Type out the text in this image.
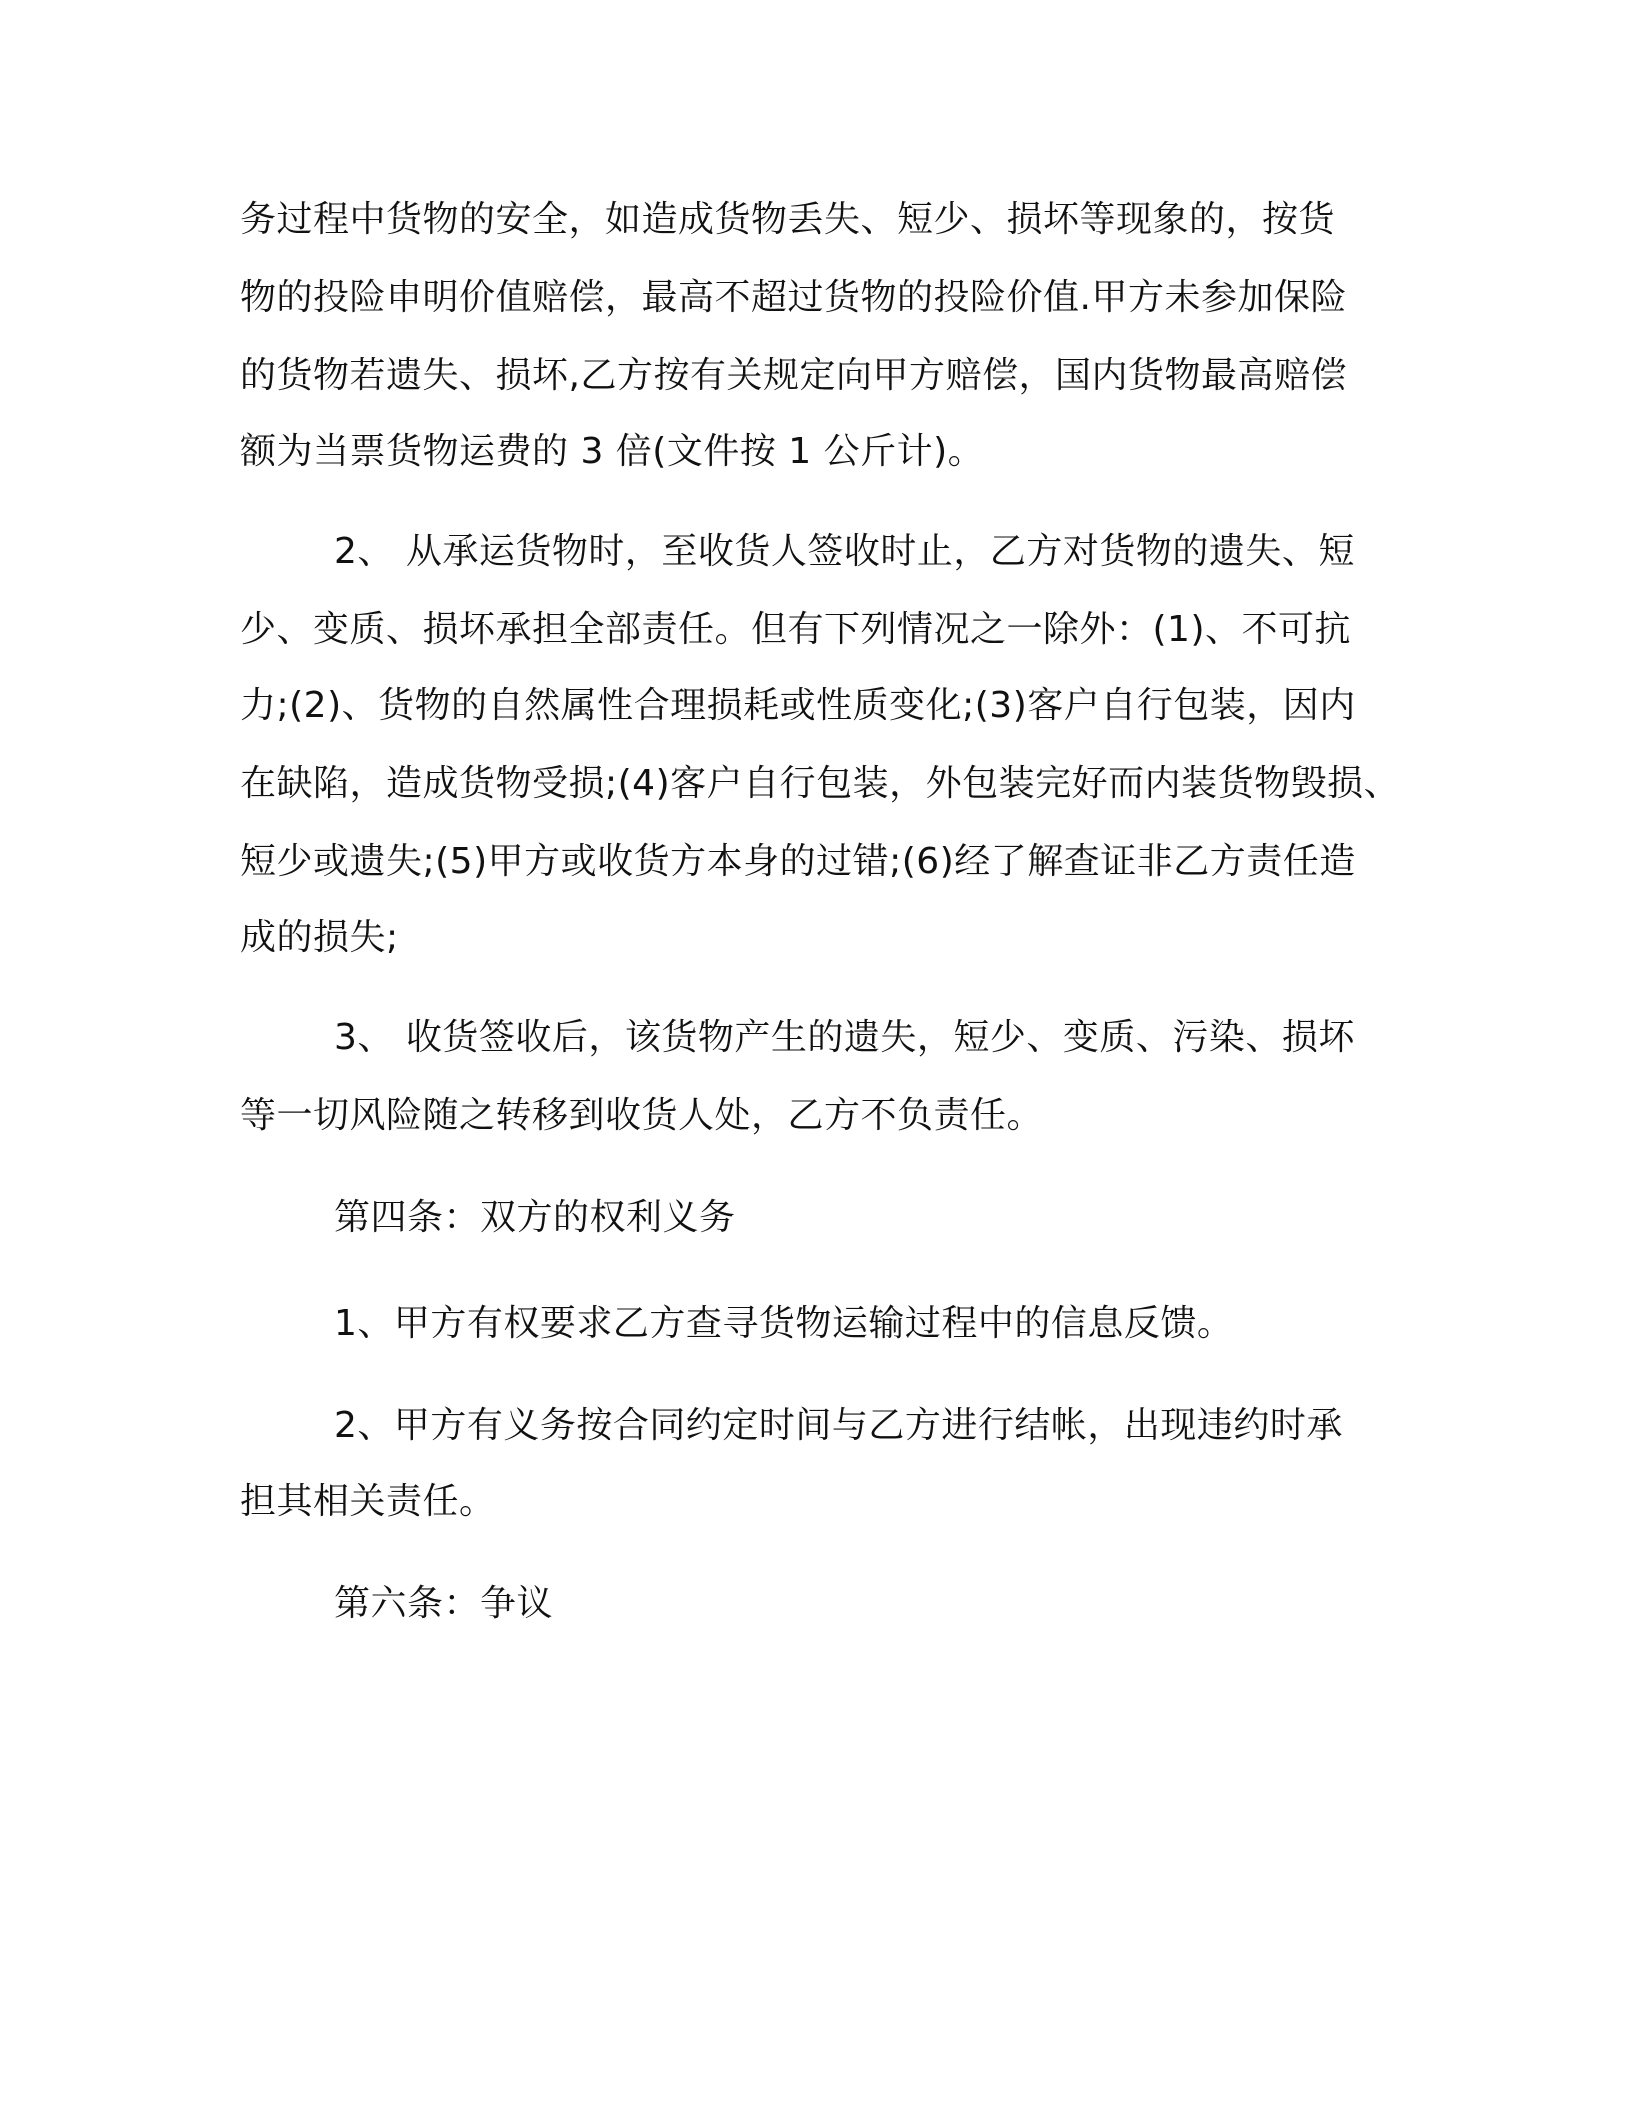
务过程中货物的安全，如造成货物丢失、短少、损坏等现象的，按货

物的投险申明价值赔偿，最高不超过货物的投险价值.甲方未参加保险

的货物若遗失、损坏,乙方按有关规定向甲方赔偿，国内货物最高赔偿

额为当票货物运费的 3 倍(文件按 1 公斤计)。

2、 从承运货物时，至收货人签收时止，乙方对货物的遗失、短

少、变质、损坏承担全部责任。但有下列情况之一除外：(1)、不可抗

力;(2)、货物的自然属性合理损耗或性质变化;(3)客户自行包装，因内

在缺陷，造成货物受损;(4)客户自行包装，外包装完好而内装货物毁损、

短少或遗失;(5)甲方或收货方本身的过错;(6)经了解查证非乙方责任造

成的损失;

3、 收货签收后，该货物产生的遗失，短少、变质、污染、损坏

等一切风险随之转移到收货人处，乙方不负责任。

第四条：双方的权利义务

1、甲方有权要求乙方查寻货物运输过程中的信息反馈。

2、甲方有义务按合同约定时间与乙方进行结帐，出现违约时承

担其相关责任。

第六条：争议
